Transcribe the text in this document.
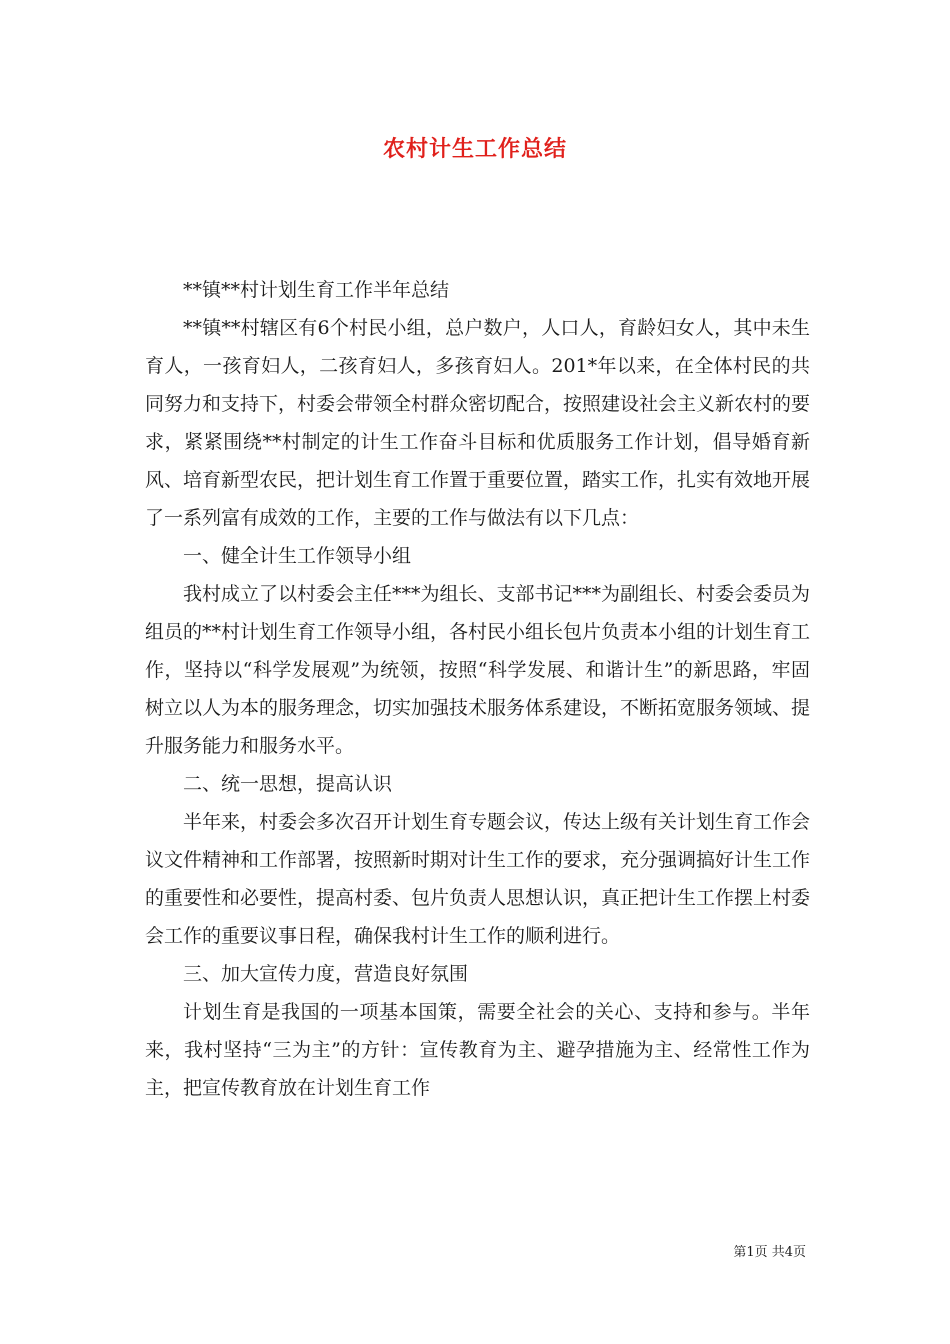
农村计生工作总结

**镇**村计划生育工作半年总结

**镇**村辖区有6个村民小组，总户数户，人口人，育龄妇女人，其中未生育人，一孩育妇人，二孩育妇人，多孩育妇人。201*年以来，在全体村民的共同努力和支持下，村委会带领全村群众密切配合，按照建设社会主义新农村的要求，紧紧围绕**村制定的计生工作奋斗目标和优质服务工作计划，倡导婚育新风、培育新型农民，把计划生育工作置于重要位置，踏实工作，扎实有效地开展了一系列富有成效的工作，主要的工作与做法有以下几点：

一、健全计生工作领导小组

我村成立了以村委会主任***为组长、支部书记***为副组长、村委会委员为组员的**村计划生育工作领导小组，各村民小组长包片负责本小组的计划生育工作，坚持以“科学发展观”为统领，按照“科学发展、和谐计生”的新思路，牢固树立以人为本的服务理念，切实加强技术服务体系建设，不断拓宽服务领域、提升服务能力和服务水平。

二、统一思想，提高认识

半年来，村委会多次召开计划生育专题会议，传达上级有关计划生育工作会议文件精神和工作部署，按照新时期对计生工作的要求，充分强调搞好计生工作的重要性和必要性，提高村委、包片负责人思想认识，真正把计生工作摆上村委会工作的重要议事日程，确保我村计生工作的顺利进行。

三、加大宣传力度，营造良好氛围

计划生育是我国的一项基本国策，需要全社会的关心、支持和参与。半年来，我村坚持“三为主”的方针：宣传教育为主、避孕措施为主、经常性工作为主，把宣传教育放在计划生育工作

第1页 共4页
